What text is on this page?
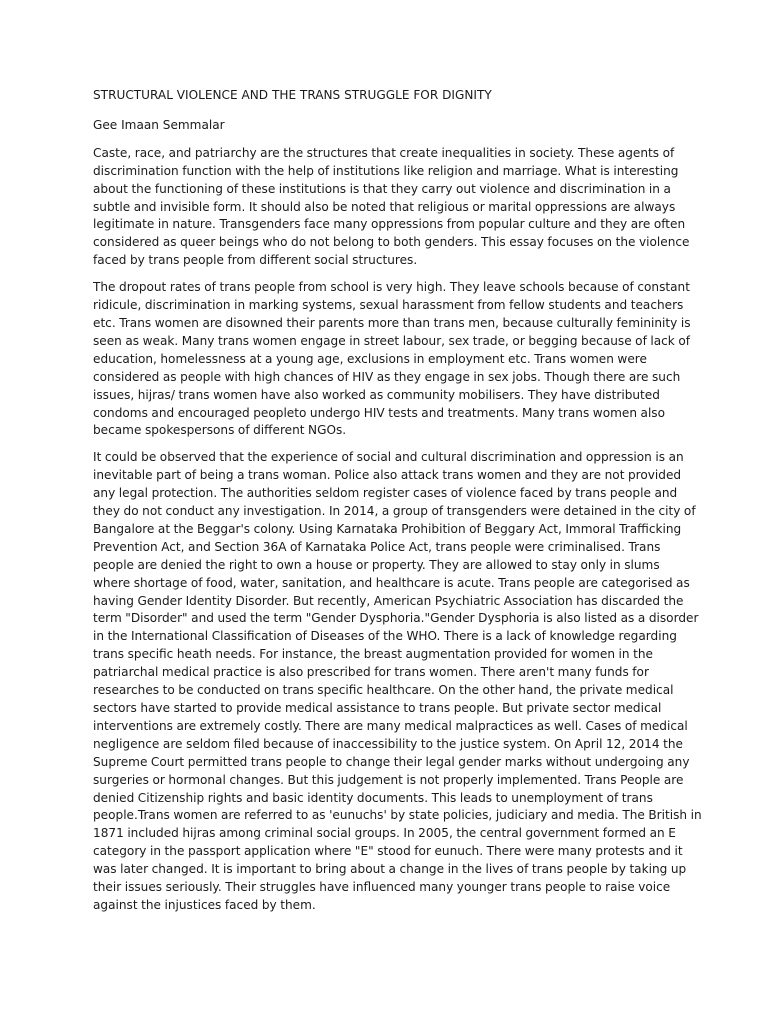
STRUCTURAL VIOLENCE AND THE TRANS STRUGGLE FOR DIGNITY
Gee Imaan Semmalar
Caste, race, and patriarchy are the structures that create inequalities in society. These agents of
discrimination function with the help of institutions like religion and marriage. What is interesting
about the functioning of these institutions is that they carry out violence and discrimination in a
subtle and invisible form. It should also be noted that religious or marital oppressions are always
legitimate in nature. Transgenders face many oppressions from popular culture and they are often
considered as queer beings who do not belong to both genders. This essay focuses on the violence
faced by trans people from different social structures.
The dropout rates of trans people from school is very high. They leave schools because of constant
ridicule, discrimination in marking systems, sexual harassment from fellow students and teachers
etc. Trans women are disowned their parents more than trans men, because culturally femininity is
seen as weak. Many trans women engage in street labour, sex trade, or begging because of lack of
education, homelessness at a young age, exclusions in employment etc. Trans women were
considered as people with high chances of HIV as they engage in sex jobs. Though there are such
issues, hijras/ trans women have also worked as community mobilisers. They have distributed
condoms and encouraged peopleto undergo HIV tests and treatments. Many trans women also
became spokespersons of different NGOs.
It could be observed that the experience of social and cultural discrimination and oppression is an
inevitable part of being a trans woman. Police also attack trans women and they are not provided
any legal protection. The authorities seldom register cases of violence faced by trans people and
they do not conduct any investigation. In 2014, a group of transgenders were detained in the city of
Bangalore at the Beggar's colony. Using Karnataka Prohibition of Beggary Act, Immoral Trafficking
Prevention Act, and Section 36A of Karnataka Police Act, trans people were criminalised. Trans
people are denied the right to own a house or property. They are allowed to stay only in slums
where shortage of food, water, sanitation, and healthcare is acute. Trans people are categorised as
having Gender Identity Disorder. But recently, American Psychiatric Association has discarded the
term "Disorder" and used the term "Gender Dysphoria."Gender Dysphoria is also listed as a disorder
in the International Classification of Diseases of the WHO. There is a lack of knowledge regarding
trans specific heath needs. For instance, the breast augmentation provided for women in the
patriarchal medical practice is also prescribed for trans women. There aren't many funds for
researches to be conducted on trans specific healthcare. On the other hand, the private medical
sectors have started to provide medical assistance to trans people. But private sector medical
interventions are extremely costly. There are many medical malpractices as well. Cases of medical
negligence are seldom filed because of inaccessibility to the justice system. On April 12, 2014 the
Supreme Court permitted trans people to change their legal gender marks without undergoing any
surgeries or hormonal changes. But this judgement is not properly implemented. Trans People are
denied Citizenship rights and basic identity documents. This leads to unemployment of trans
people.Trans women are referred to as 'eunuchs' by state policies, judiciary and media. The British in
1871 included hijras among criminal social groups. In 2005, the central government formed an E
category in the passport application where "E" stood for eunuch. There were many protests and it
was later changed. It is important to bring about a change in the lives of trans people by taking up
their issues seriously. Their struggles have influenced many younger trans people to raise voice
against the injustices faced by them.
